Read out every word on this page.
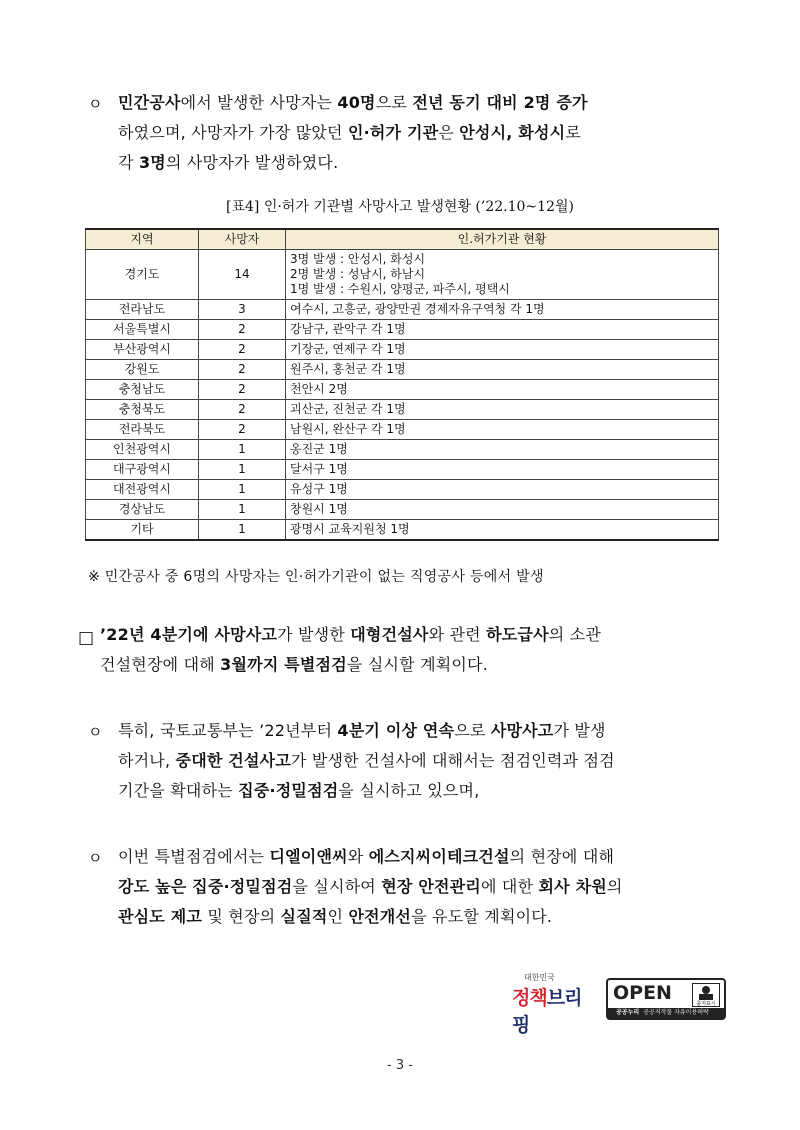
ㅇ 민간공사에서 발생한 사망자는 40명으로 전년 동기 대비 2명 증가
하였으며, 사망자가 가장 많았던 인·허가 기관은 안성시, 화성시로
각 3명의 사망자가 발생하였다.
[표4] 인·허가 기관별 사망사고 발생현황 (’22.10~12월)
지역	사망자	인.허가기관 현황
경기도	14	3명 발생 : 안성시, 화성시
2명 발생 : 성남시, 하남시
1명 발생 : 수원시, 양평군, 파주시, 평택시

전라남도	3	여수시, 고흥군, 광양만권 경제자유구역청 각 1명
서울특별시	2	강남구, 관악구 각 1명
부산광역시	2	기장군, 연제구 각 1명
강원도	2	원주시, 홍천군 각 1명
충청남도	2	천안시 2명
충청북도	2	괴산군, 진천군 각 1명
전라북도	2	남원시, 완산구 각 1명
인천광역시	1	옹진군 1명
대구광역시	1	달서구 1명
대전광역시	1	유성구 1명
경상남도	1	창원시 1명
기타	1	광명시 교육지원청 1명
※ 민간공사 중 6명의 사망자는 인·허가기관이 없는 직영공사 등에서 발생
□ ’22년 4분기에 사망사고가 발생한 대형건설사와 관련 하도급사의 소관
건설현장에 대해 3월까지 특별점검을 실시할 계획이다.
ㅇ 특히, 국토교통부는 ’22년부터 4분기 이상 연속으로 사망사고가 발생
하거나, 중대한 건설사고가 발생한 건설사에 대해서는 점검인력과 점검
기간을 확대하는 집중·정밀점검을 실시하고 있으며,
ㅇ 이번 특별점검에서는 디엘이앤씨와 에스지씨이테크건설의 현장에 대해
강도 높은 집중·정밀점검을 실시하여 현장 안전관리에 대한 회사 차원의
관심도 제고 및 현장의 실질적인 안전개선을 유도할 계획이다.
대한민국
정책브리핑
OPEN	출처표시
공공누리 공공저작물 자유이용허락
- 3 -
